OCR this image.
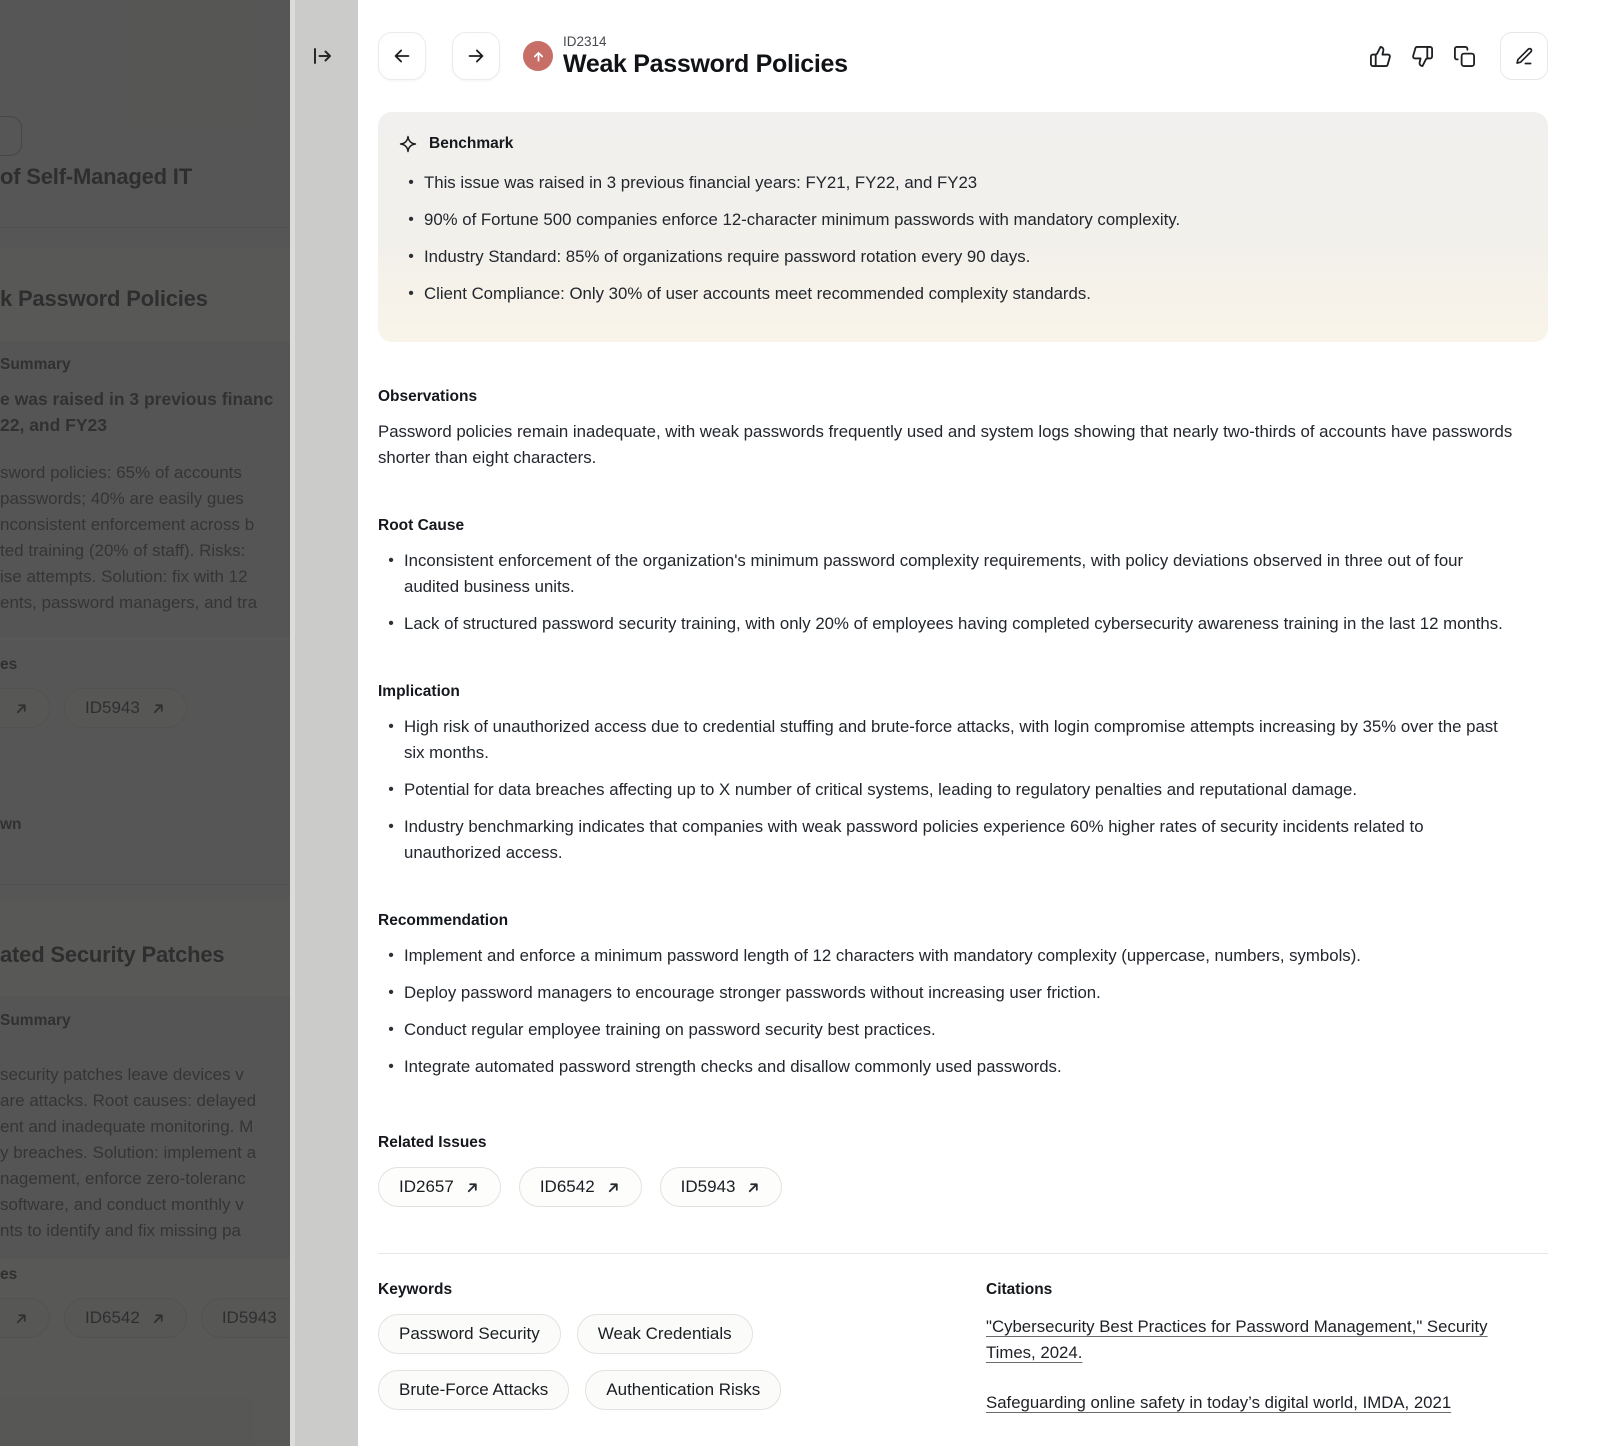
ID2314
Weak Password Policies
Benchmark
• This issue was raised in 3 previous financial years: FY21, FY22, and FY23
• 90% of Fortune 500 companies enforce 12-character minimum passwords with mandatory complexity.
• Industry Standard: 85% of organizations require password rotation every 90 days.
• Client Compliance: Only 30% of user accounts meet recommended complexity standards.
Observations
Password policies remain inadequate, with weak passwords frequently used and system logs showing that nearly two-thirds of accounts have passwords shorter than eight characters.
Root Cause
• Inconsistent enforcement of the organization's minimum password complexity requirements, with policy deviations observed in three out of four audited business units.
• Lack of structured password security training, with only 20% of employees having completed cybersecurity awareness training in the last 12 months.
Implication
• High risk of unauthorized access due to credential stuffing and brute-force attacks, with login compromise attempts increasing by 35% over the past six months.
• Potential for data breaches affecting up to X number of critical systems, leading to regulatory penalties and reputational damage.
• Industry benchmarking indicates that companies with weak password policies experience 60% higher rates of security incidents related to unauthorized access.
Recommendation
• Implement and enforce a minimum password length of 12 characters with mandatory complexity (uppercase, numbers, symbols).
• Deploy password managers to encourage stronger passwords without increasing user friction.
• Conduct regular employee training on password security best practices.
• Integrate automated password strength checks and disallow commonly used passwords.
Related Issues
ID2657	ID6542	ID5943
Keywords
Password Security	Weak Credentials
Brute-Force Attacks	Authentication Risks
Citations
"Cybersecurity Best Practices for Password Management," Security Times, 2024.
Safeguarding online safety in today’s digital world, IMDA, 2021
